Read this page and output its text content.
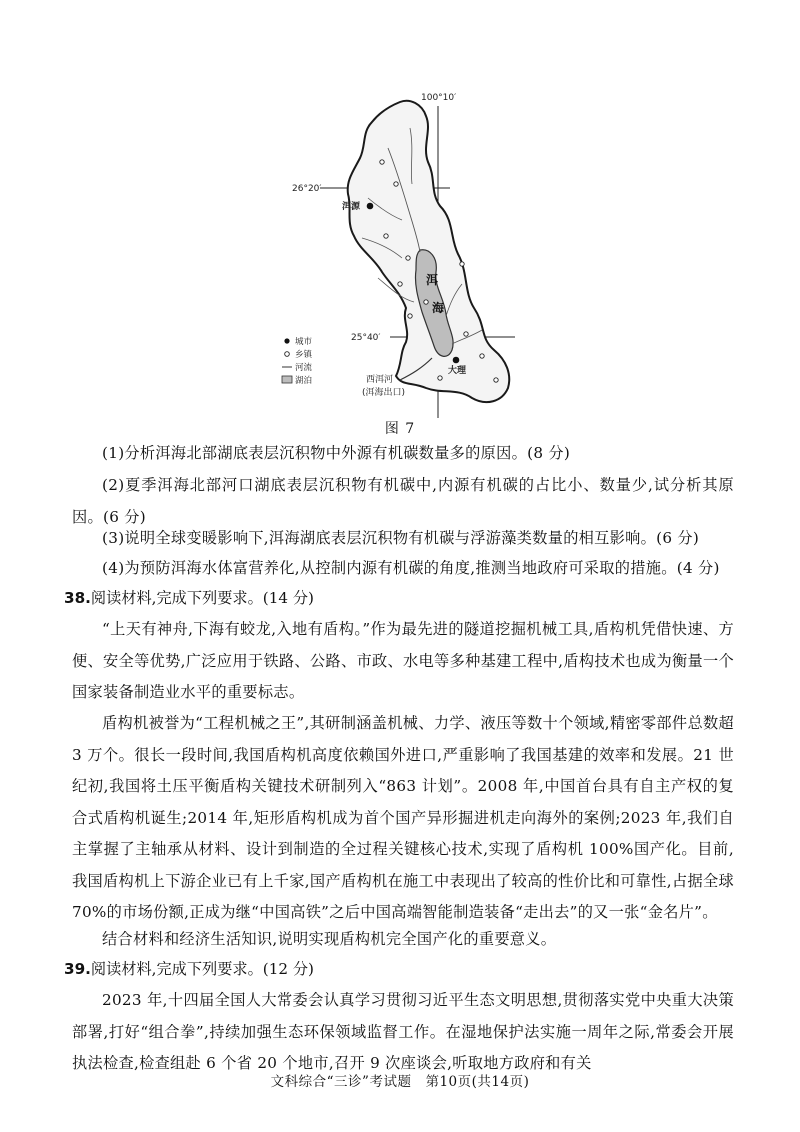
100°10′
26°20′
25°40′
洱源
大理
洱
海
西洱河
(洱海出口)
城市
乡镇
河流
湖泊
图 7
(1)分析洱海北部湖底表层沉积物中外源有机碳数量多的原因。(8 分)
(2)夏季洱海北部河口湖底表层沉积物有机碳中,内源有机碳的占比小、数量少,试分析其原因。(6 分)
(3)说明全球变暖影响下,洱海湖底表层沉积物有机碳与浮游藻类数量的相互影响。(6 分)
(4)为预防洱海水体富营养化,从控制内源有机碳的角度,推测当地政府可采取的措施。(4 分)
38.阅读材料,完成下列要求。(14 分)
“上天有神舟,下海有蛟龙,入地有盾构。”作为最先进的隧道挖掘机械工具,盾构机凭借快速、方便、安全等优势,广泛应用于铁路、公路、市政、水电等多种基建工程中,盾构技术也成为衡量一个国家装备制造业水平的重要标志。
盾构机被誉为“工程机械之王”,其研制涵盖机械、力学、液压等数十个领域,精密零部件总数超 3 万个。很长一段时间,我国盾构机高度依赖国外进口,严重影响了我国基建的效率和发展。21 世纪初,我国将土压平衡盾构关键技术研制列入“863 计划”。2008 年,中国首台具有自主产权的复合式盾构机诞生;2014 年,矩形盾构机成为首个国产异形掘进机走向海外的案例;2023 年,我们自主掌握了主轴承从材料、设计到制造的全过程关键核心技术,实现了盾构机 100%国产化。目前,我国盾构机上下游企业已有上千家,国产盾构机在施工中表现出了较高的性价比和可靠性,占据全球 70%的市场份额,正成为继“中国高铁”之后中国高端智能制造装备“走出去”的又一张“金名片”。
结合材料和经济生活知识,说明实现盾构机完全国产化的重要意义。
39.阅读材料,完成下列要求。(12 分)
2023 年,十四届全国人大常委会认真学习贯彻习近平生态文明思想,贯彻落实党中央重大决策部署,打好“组合拳”,持续加强生态环保领域监督工作。在湿地保护法实施一周年之际,常委会开展执法检查,检查组赴 6 个省 20 个地市,召开 9 次座谈会,听取地方政府和有关
文科综合“三诊”考试题　第10页(共14页)
